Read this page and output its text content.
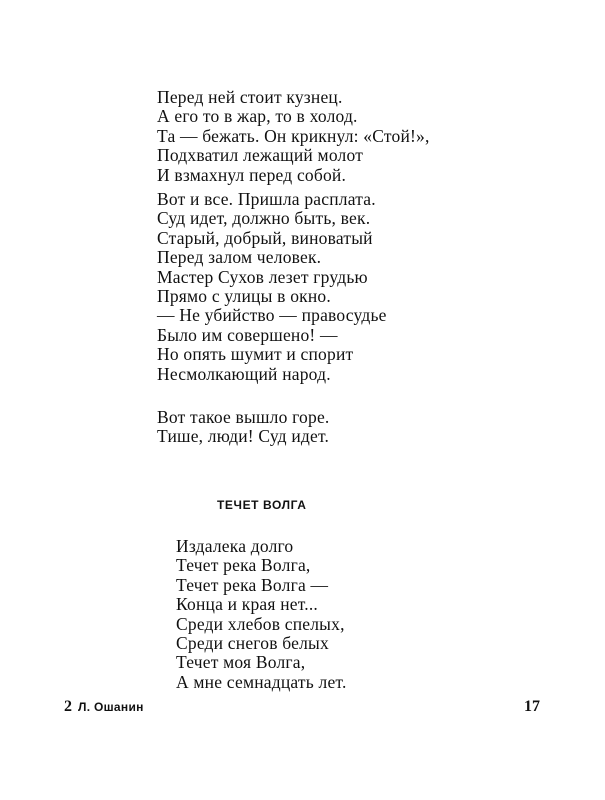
Перед ней стоит кузнец.
А его то в жар, то в холод.
Та — бежать. Он крикнул: «Стой!»,
Подхватил лежащий молот
И взмахнул перед собой.
Вот и все. Пришла расплата.
Суд идет, должно быть, век.
Старый, добрый, виноватый
Перед залом человек.
Мастер Сухов лезет грудью
Прямо с улицы в окно.
— Не убийство — правосудье
Было им совершено! —
Но опять шумит и спорит
Несмолкающий народ.
Вот такое вышло горе.
Тише, люди! Суд идет.
ТЕЧЕТ ВОЛГА
Издалека долго
Течет река Волга,
Течет река Волга —
Конца и края нет...
Среди хлебов спелых,
Среди снегов белых
Течет моя Волга,
А мне семнадцать лет.
2 Л. Ошанин	17
